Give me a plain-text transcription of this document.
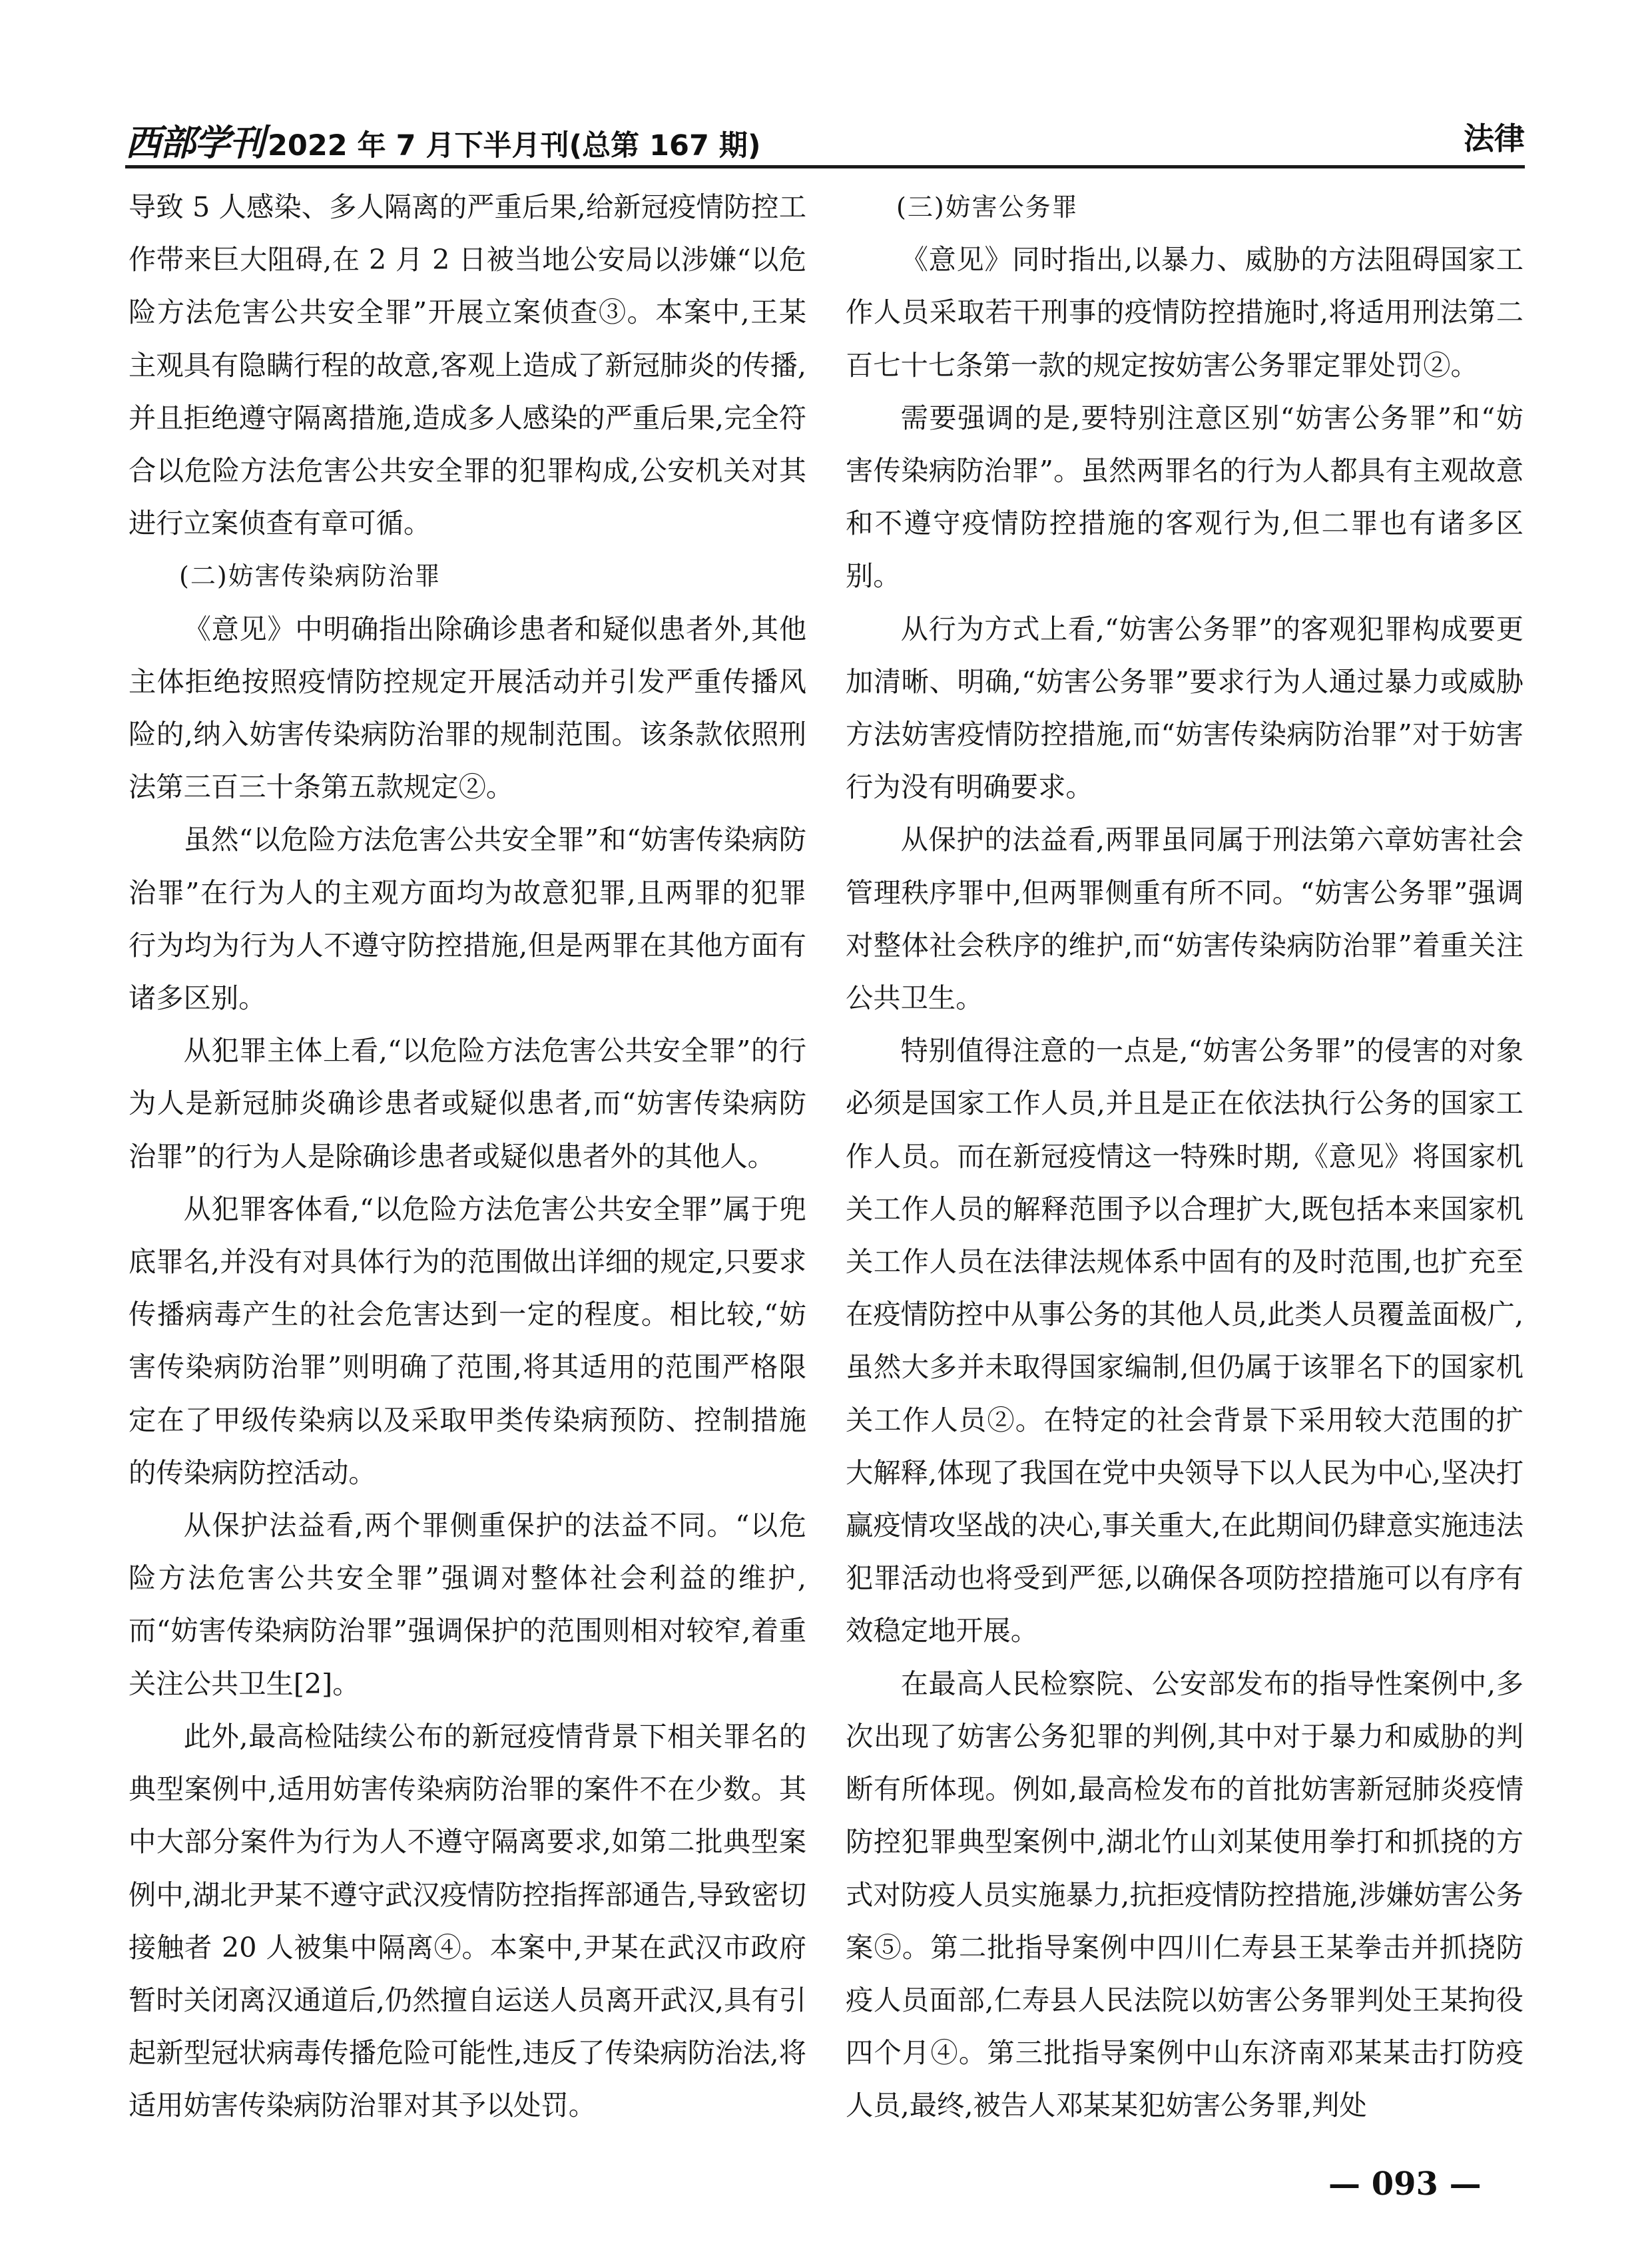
西部学刊 2022 年 7 月下半月刊(总第 167 期)	法律

导致 5 人感染、多人隔离的严重后果,给新冠疫情防控工作带来巨大阻碍,在 2 月 2 日被当地公安局以涉嫌“以危险方法危害公共安全罪”开展立案侦查③。本案中,王某主观具有隐瞒行程的故意,客观上造成了新冠肺炎的传播,并且拒绝遵守隔离措施,造成多人感染的严重后果,完全符合以危险方法危害公共安全罪的犯罪构成,公安机关对其进行立案侦查有章可循。

(二)妨害传染病防治罪

《意见》中明确指出除确诊患者和疑似患者外,其他主体拒绝按照疫情防控规定开展活动并引发严重传播风险的,纳入妨害传染病防治罪的规制范围。该条款依照刑法第三百三十条第五款规定②。

虽然“以危险方法危害公共安全罪”和“妨害传染病防治罪”在行为人的主观方面均为故意犯罪,且两罪的犯罪行为均为行为人不遵守防控措施,但是两罪在其他方面有诸多区别。

从犯罪主体上看,“以危险方法危害公共安全罪”的行为人是新冠肺炎确诊患者或疑似患者,而“妨害传染病防治罪”的行为人是除确诊患者或疑似患者外的其他人。

从犯罪客体看,“以危险方法危害公共安全罪”属于兜底罪名,并没有对具体行为的范围做出详细的规定,只要求传播病毒产生的社会危害达到一定的程度。相比较,“妨害传染病防治罪”则明确了范围,将其适用的范围严格限定在了甲级传染病以及采取甲类传染病预防、控制措施的传染病防控活动。

从保护法益看,两个罪侧重保护的法益不同。“以危险方法危害公共安全罪”强调对整体社会利益的维护,而“妨害传染病防治罪”强调保护的范围则相对较窄,着重关注公共卫生[2]。

此外,最高检陆续公布的新冠疫情背景下相关罪名的典型案例中,适用妨害传染病防治罪的案件不在少数。其中大部分案件为行为人不遵守隔离要求,如第二批典型案例中,湖北尹某不遵守武汉疫情防控指挥部通告,导致密切接触者 20 人被集中隔离④。本案中,尹某在武汉市政府暂时关闭离汉通道后,仍然擅自运送人员离开武汉,具有引起新型冠状病毒传播危险可能性,违反了传染病防治法,将适用妨害传染病防治罪对其予以处罚。

(三)妨害公务罪

《意见》同时指出,以暴力、威胁的方法阻碍国家工作人员采取若干刑事的疫情防控措施时,将适用刑法第二百七十七条第一款的规定按妨害公务罪定罪处罚②。

需要强调的是,要特别注意区别“妨害公务罪”和“妨害传染病防治罪”。虽然两罪名的行为人都具有主观故意和不遵守疫情防控措施的客观行为,但二罪也有诸多区别。

从行为方式上看,“妨害公务罪”的客观犯罪构成要更加清晰、明确,“妨害公务罪”要求行为人通过暴力或威胁方法妨害疫情防控措施,而“妨害传染病防治罪”对于妨害行为没有明确要求。

从保护的法益看,两罪虽同属于刑法第六章妨害社会管理秩序罪中,但两罪侧重有所不同。“妨害公务罪”强调对整体社会秩序的维护,而“妨害传染病防治罪”着重关注公共卫生。

特别值得注意的一点是,“妨害公务罪”的侵害的对象必须是国家工作人员,并且是正在依法执行公务的国家工作人员。而在新冠疫情这一特殊时期,《意见》将国家机关工作人员的解释范围予以合理扩大,既包括本来国家机关工作人员在法律法规体系中固有的及时范围,也扩充至在疫情防控中从事公务的其他人员,此类人员覆盖面极广,虽然大多并未取得国家编制,但仍属于该罪名下的国家机关工作人员②。在特定的社会背景下采用较大范围的扩大解释,体现了我国在党中央领导下以人民为中心,坚决打赢疫情攻坚战的决心,事关重大,在此期间仍肆意实施违法犯罪活动也将受到严惩,以确保各项防控措施可以有序有效稳定地开展。

在最高人民检察院、公安部发布的指导性案例中,多次出现了妨害公务犯罪的判例,其中对于暴力和威胁的判断有所体现。例如,最高检发布的首批妨害新冠肺炎疫情防控犯罪典型案例中,湖北竹山刘某使用拳打和抓挠的方式对防疫人员实施暴力,抗拒疫情防控措施,涉嫌妨害公务案⑤。第二批指导案例中四川仁寿县王某拳击并抓挠防疫人员面部,仁寿县人民法院以妨害公务罪判处王某拘役四个月④。第三批指导案例中山东济南邓某某击打防疫人员,最终,被告人邓某某犯妨害公务罪,判处

— 093 —
